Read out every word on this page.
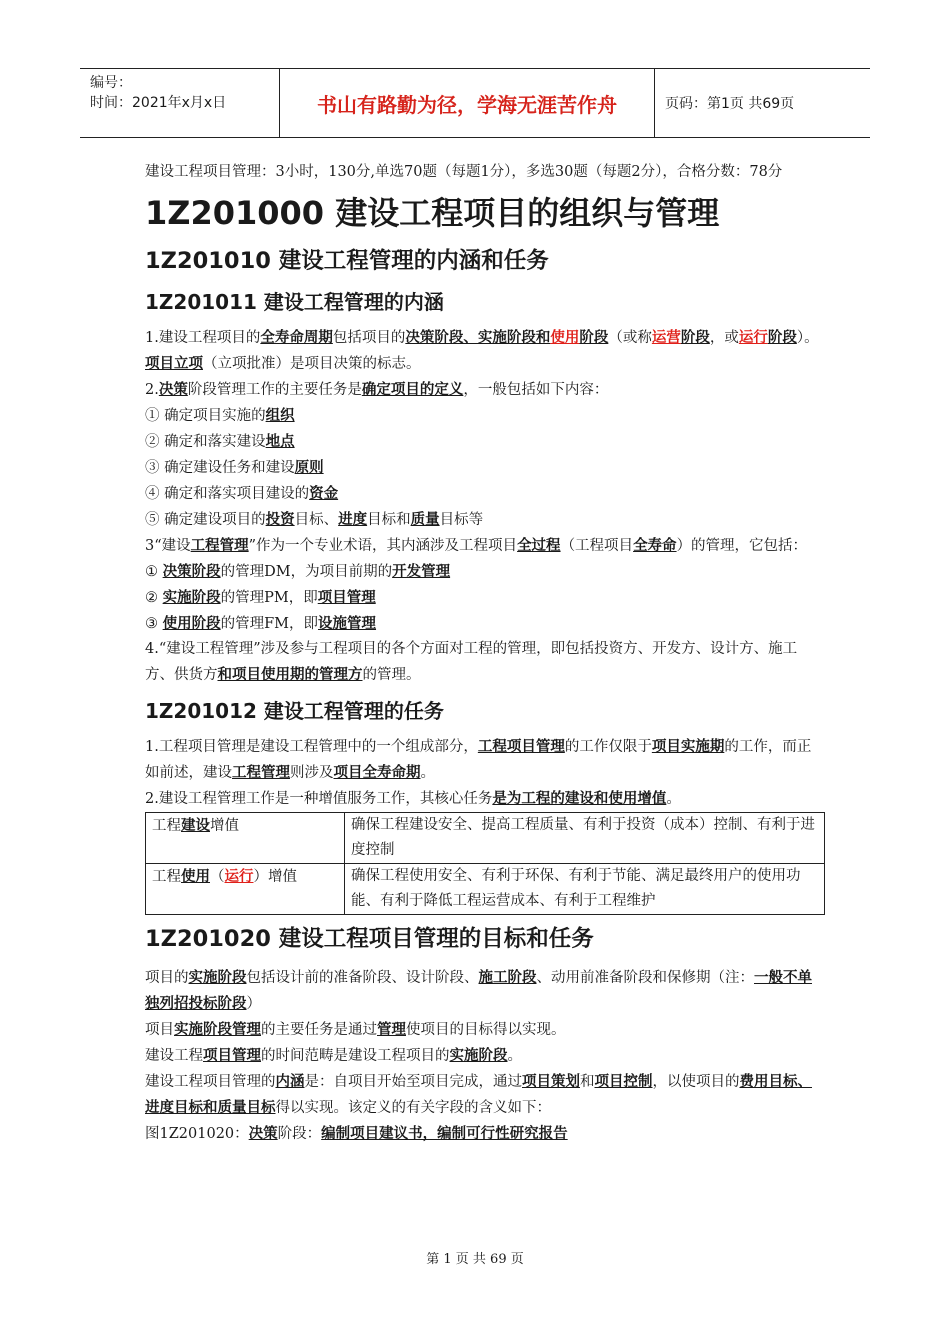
编号：
时间：2021年x月x日	书山有路勤为径，学海无涯苦作舟	页码：第1页 共69页

建设工程项目管理：3小时，130分,单选70题（每题1分），多选30题（每题2分），合格分数：78分

1Z201000 建设工程项目的组织与管理
1Z201010 建设工程管理的内涵和任务
1Z201011 建设工程管理的内涵

1.建设工程项目的全寿命周期包括项目的决策阶段、实施阶段和使用阶段（或称运营阶段，或运行阶段）。

项目立项（立项批准）是项目决策的标志。

2.决策阶段管理工作的主要任务是确定项目的定义，一般包括如下内容：

① 确定项目实施的组织

② 确定和落实建设地点

③ 确定建设任务和建设原则

④ 确定和落实项目建设的资金

⑤ 确定建设项目的投资目标、进度目标和质量目标等

3“建设工程管理”作为一个专业术语，其内涵涉及工程项目全过程（工程项目全寿命）的管理，它包括：

① 决策阶段的管理DM，为项目前期的开发管理

② 实施阶段的管理PM，即项目管理

③ 使用阶段的管理FM，即设施管理

4.“建设工程管理”涉及参与工程项目的各个方面对工程的管理，即包括投资方、开发方、设计方、施工方、供货方和项目使用期的管理方的管理。

1Z201012 建设工程管理的任务

1.工程项目管理是建设工程管理中的一个组成部分，工程项目管理的工作仅限于项目实施期的工作，而正如前述，建设工程管理则涉及项目全寿命期。

2.建设工程管理工作是一种增值服务工作，其核心任务是为工程的建设和使用增值。

工程建设增值	确保工程建设安全、提高工程质量、有利于投资（成本）控制、有利于进度控制
工程使用（运行）增值	确保工程使用安全、有利于环保、有利于节能、满足最终用户的使用功能、有利于降低工程运营成本、有利于工程维护
1Z201020 建设工程项目管理的目标和任务

项目的实施阶段包括设计前的准备阶段、设计阶段、施工阶段、动用前准备阶段和保修期（注：一般不单独列招投标阶段）

项目实施阶段管理的主要任务是通过管理使项目的目标得以实现。

建设工程项目管理的时间范畴是建设工程项目的实施阶段。

建设工程项目管理的内涵是：自项目开始至项目完成，通过项目策划和项目控制，以使项目的费用目标、进度目标和质量目标得以实现。该定义的有关字段的含义如下：

图1Z201020：决策阶段：编制项目建议书，编制可行性研究报告

第 1 页 共 69 页
